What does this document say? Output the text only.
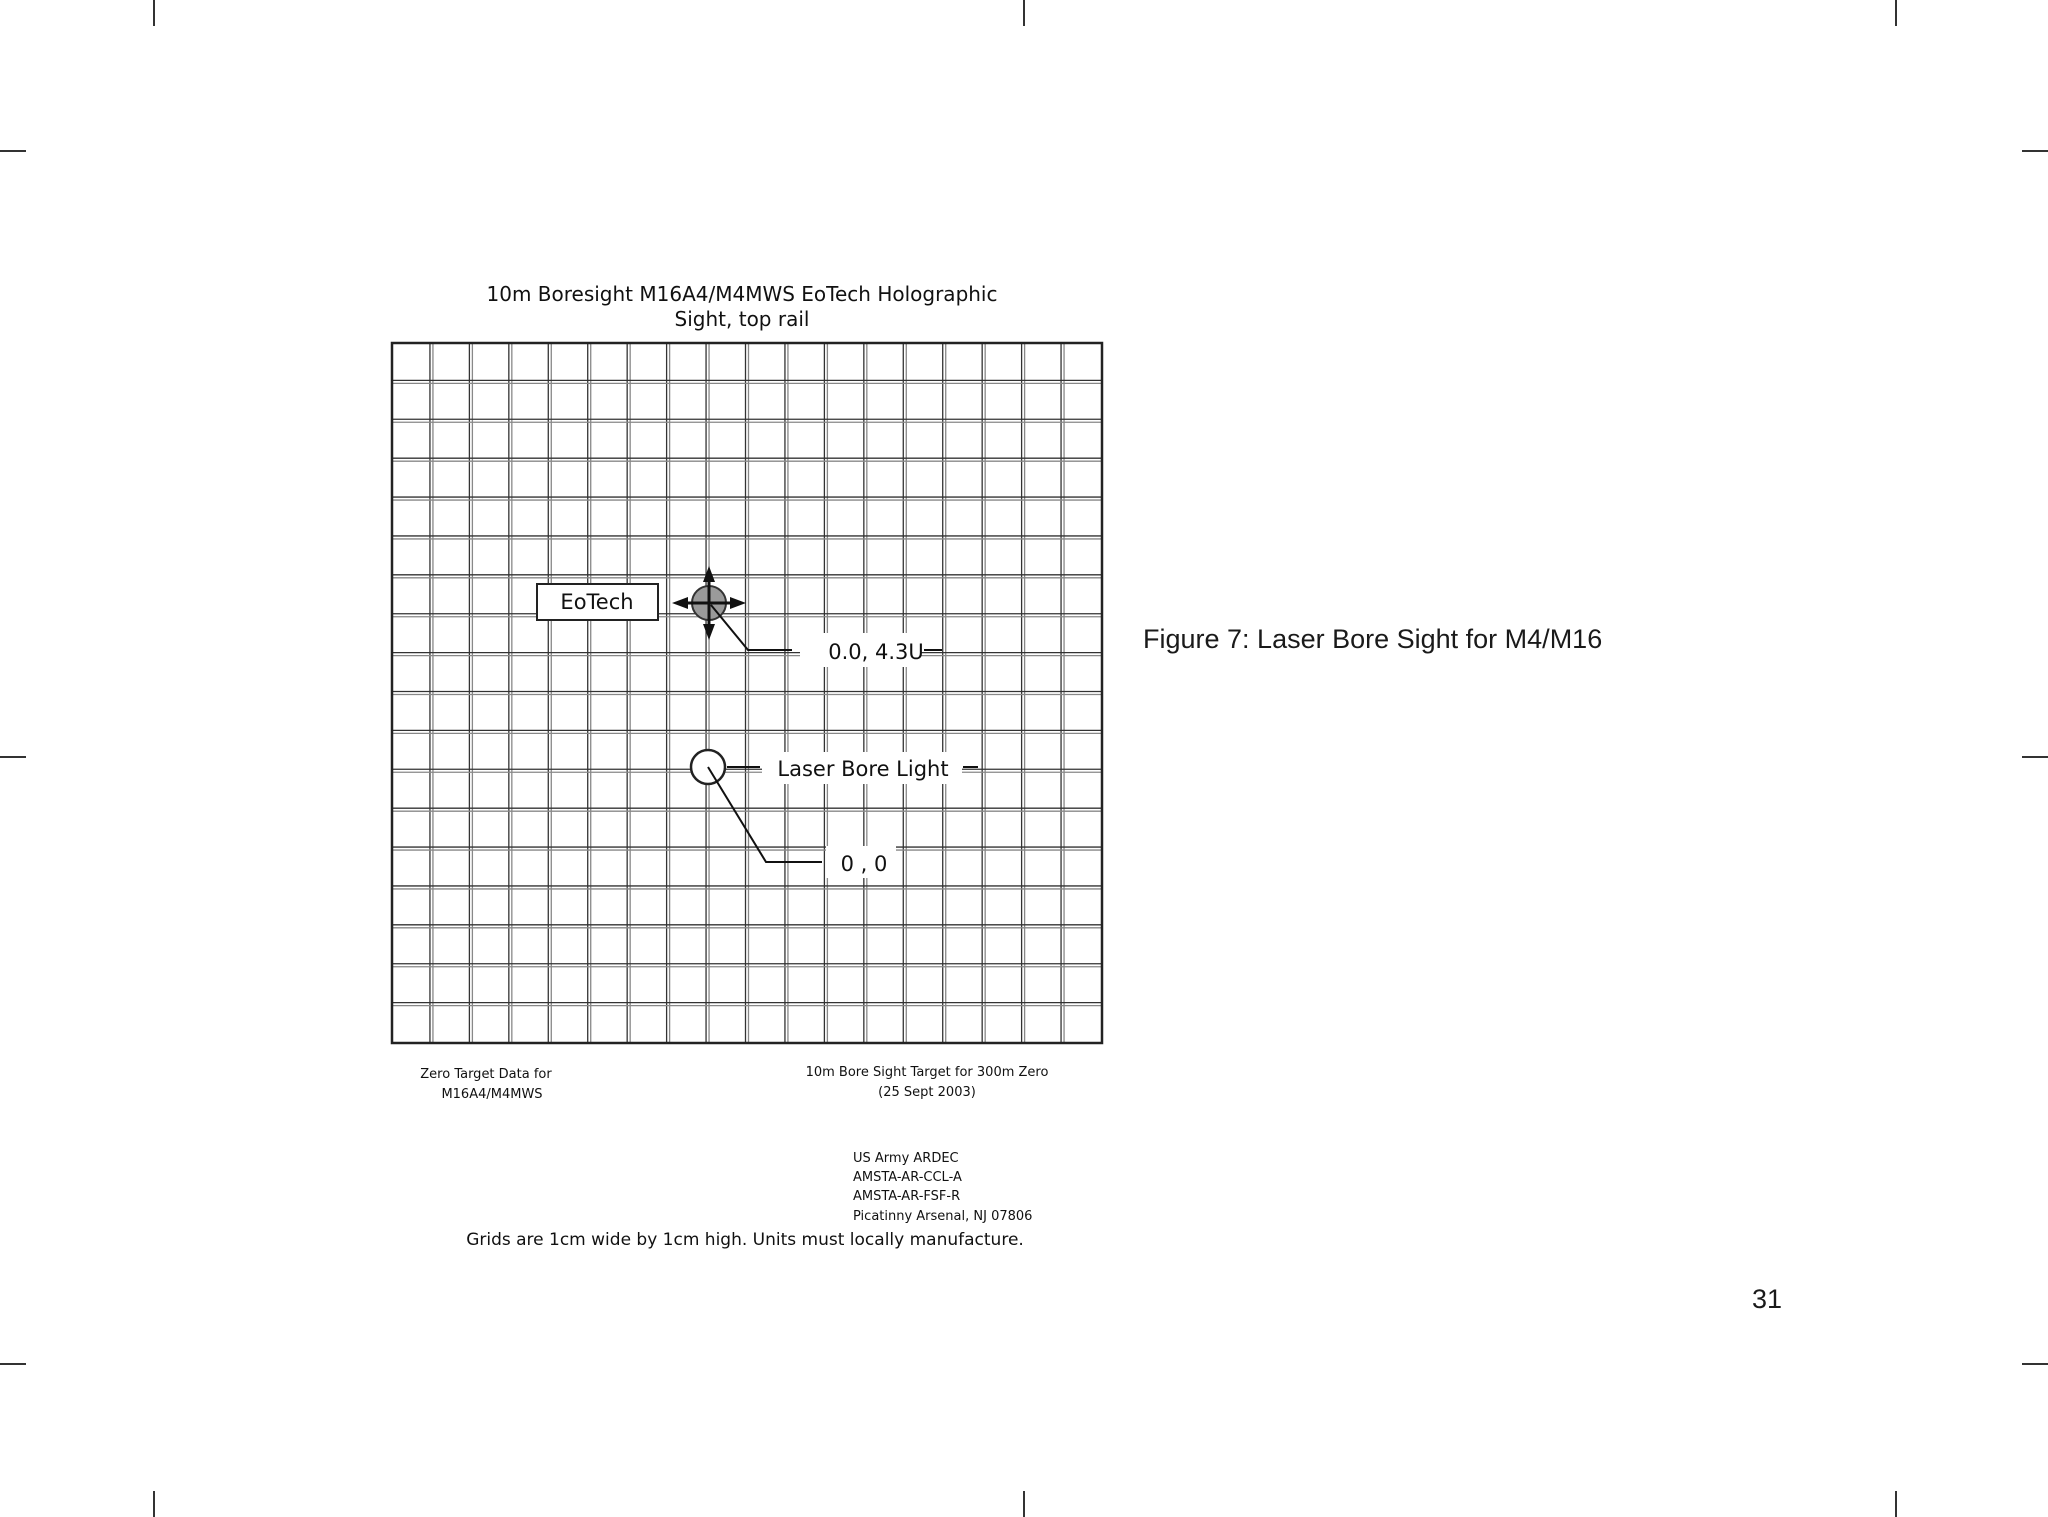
10m Boresight M16A4/M4MWS EoTech Holographic
Sight, top rail
EoTech
0.0, 4.3U
Laser Bore Light
0 , 0
Zero Target Data for
M16A4/M4MWS
10m Bore Sight Target for 300m Zero
(25 Sept 2003)
US Army ARDEC
AMSTA-AR-CCL-A
AMSTA-AR-FSF-R
Picatinny Arsenal, NJ 07806
Grids are 1cm wide by 1cm high. Units must locally manufacture.
Figure 7: Laser Bore Sight for M4/M16
31
